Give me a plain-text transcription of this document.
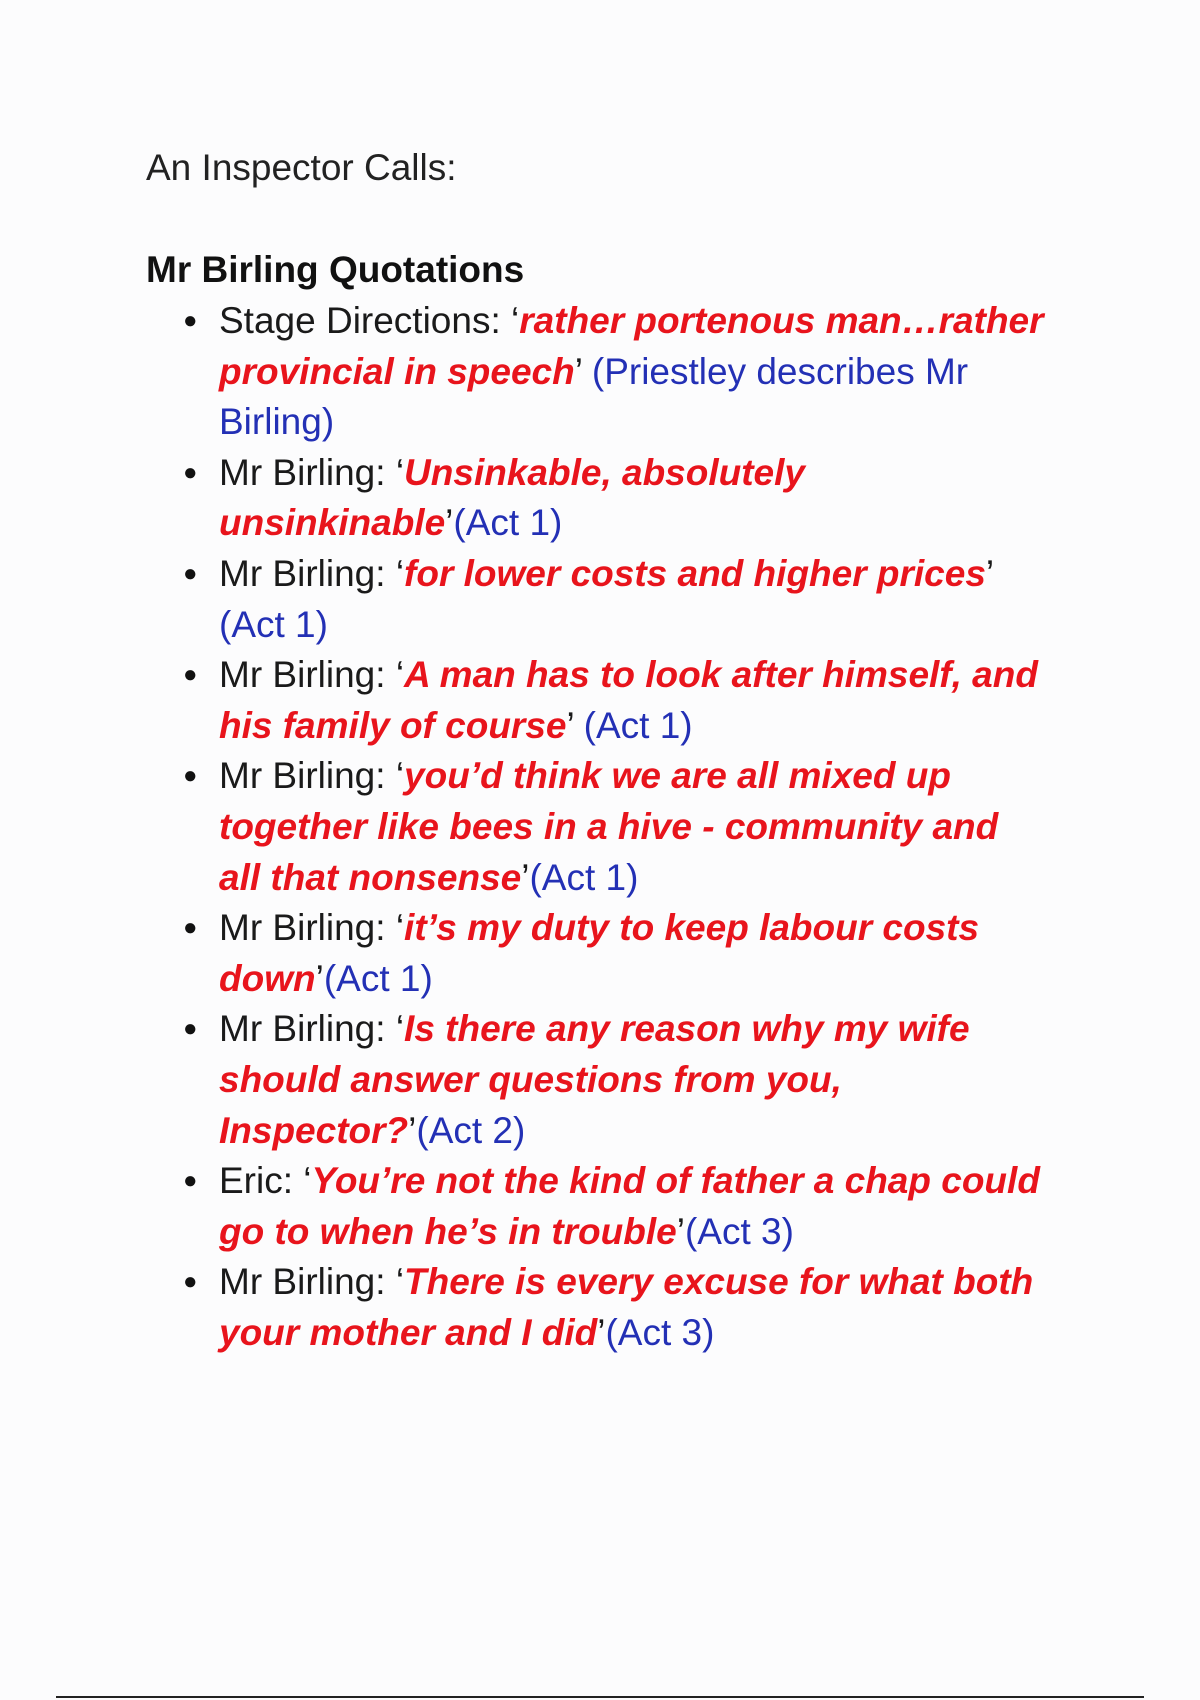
An Inspector Calls:
Mr Birling Quotations
● Stage Directions: ‘rather portenous man…rather provincial in speech’ (Priestley describes Mr Birling)
● Mr Birling: ‘Unsinkable, absolutely unsinkinable’(Act 1)
● Mr Birling: ‘for lower costs and higher prices’ (Act 1)
● Mr Birling: ‘A man has to look after himself, and his family of course’ (Act 1)
● Mr Birling: ‘you’d think we are all mixed up together like bees in a hive - community and all that nonsense’(Act 1)
● Mr Birling: ‘it’s my duty to keep labour costs down’(Act 1)
● Mr Birling: ‘Is there any reason why my wife should answer questions from you, Inspector?’(Act 2)
● Eric: ‘You’re not the kind of father a chap could go to when he’s in trouble’(Act 3)
● Mr Birling: ‘There is every excuse for what both your mother and I did’(Act 3)
